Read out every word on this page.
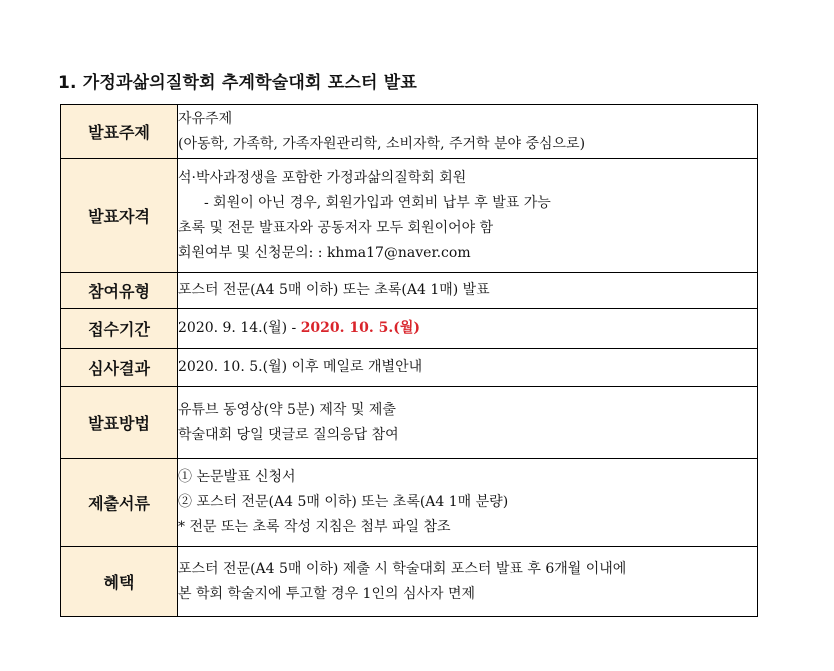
1. 가정과삶의질학회 추계학술대회 포스터 발표
발표주제	자유주제
(아동학, 가족학, 가족자원관리학, 소비자학, 주거학 분야 중심으로)

발표자격	석·박사과정생을 포함한 가정과삶의질학회 회원
- 회원이 아닌 경우, 회원가입과 연회비 납부 후 발표 가능
초록 및 전문 발표자와 공동저자 모두 회원이어야 함
회원여부 및 신청문의: : khma17@naver.com

참여유형	포스터 전문(A4 5매 이하) 또는 초록(A4 1매) 발표

접수기간	2020. 9. 14.(월) - 2020. 10. 5.(월)

심사결과	2020. 10. 5.(월) 이후 메일로 개별안내

발표방법	유튜브 동영상(약 5분) 제작 및 제출
학술대회 당일 댓글로 질의응답 참여

제출서류	① 논문발표 신청서
② 포스터 전문(A4 5매 이하) 또는 초록(A4 1매 분량)
* 전문 또는 초록 작성 지침은 첨부 파일 참조

혜택	포스터 전문(A4 5매 이하) 제출 시 학술대회 포스터 발표 후 6개월 이내에
본 학회 학술지에 투고할 경우 1인의 심사자 면제
